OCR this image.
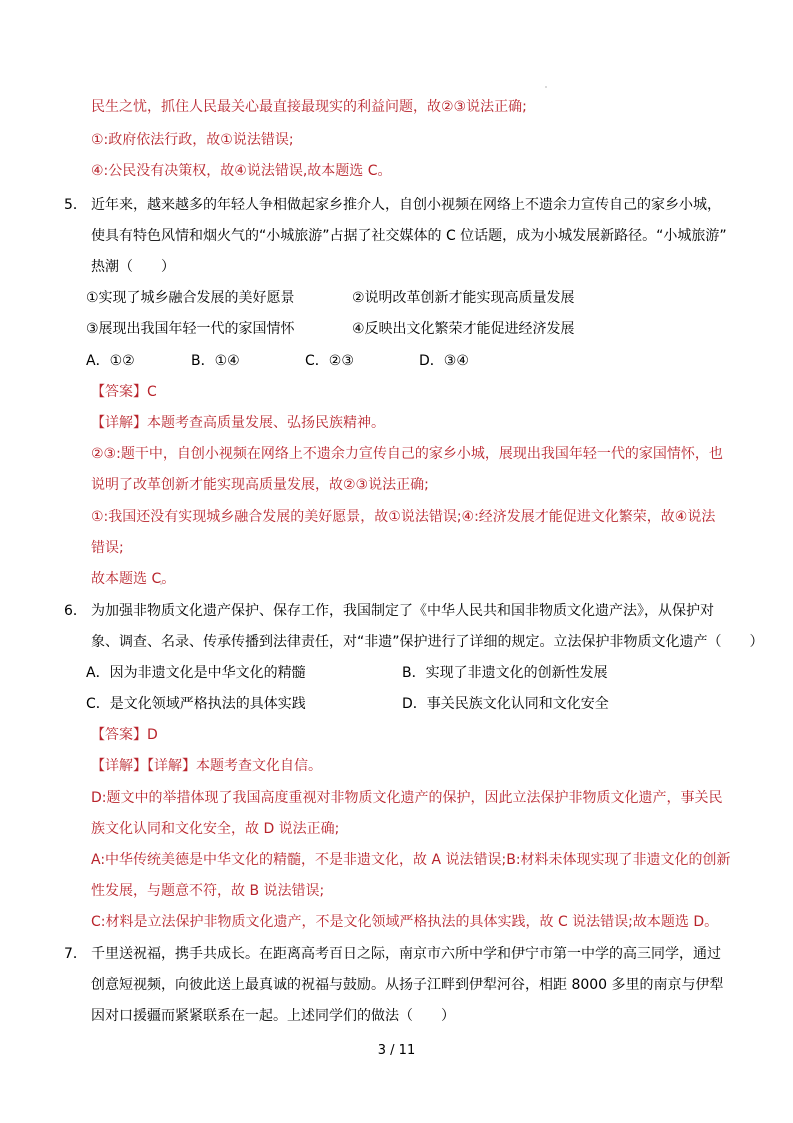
民生之忧，抓住人民最关心最直接最现实的利益问题，故②③说法正确;
①:政府依法行政，故①说法错误;
④:公民没有决策权，故④说法错误,故本题选 C。
5． 近年来，越来越多的年轻人争相做起家乡推介人，自创小视频在网络上不遗余力宣传自己的家乡小城，
使具有特色风情和烟火气的“小城旅游”占据了社交媒体的 C 位话题，成为小城发展新路径。“小城旅游”
热潮（　　）
①实现了城乡融合发展的美好愿景	②说明改革创新才能实现高质量发展
③展现出我国年轻一代的家国情怀	④反映出文化繁荣才能促进经济发展
A．①②	B．①④	C．②③	D．③④
【答案】C
【详解】本题考查高质量发展、弘扬民族精神。
②③:题干中，自创小视频在网络上不遗余力宣传自己的家乡小城，展现出我国年轻一代的家国情怀，也
说明了改革创新才能实现高质量发展，故②③说法正确;
①:我国还没有实现城乡融合发展的美好愿景，故①说法错误;④:经济发展才能促进文化繁荣，故④说法
错误;
故本题选 C。
6． 为加强非物质文化遗产保护、保存工作，我国制定了《中华人民共和国非物质文化遗产法》，从保护对
象、调查、名录、传承传播到法律责任，对“非遗”保护进行了详细的规定。立法保护非物质文化遗产（　　）
A．因为非遗文化是中华文化的精髓	B．实现了非遗文化的创新性发展
C．是文化领域严格执法的具体实践	D．事关民族文化认同和文化安全
【答案】D
【详解】【详解】本题考查文化自信。
D:题文中的举措体现了我国高度重视对非物质文化遗产的保护，因此立法保护非物质文化遗产，事关民
族文化认同和文化安全，故 D 说法正确;
A:中华传统美德是中华文化的精髓，不是非遗文化，故 A 说法错误;B:材料未体现实现了非遗文化的创新
性发展，与题意不符，故 B 说法错误;
C:材料是立法保护非物质文化遗产，不是文化领域严格执法的具体实践，故 C 说法错误;故本题选 D。
7． 千里送祝福，携手共成长。在距离高考百日之际，南京市六所中学和伊宁市第一中学的高三同学，通过
创意短视频，向彼此送上最真诚的祝福与鼓励。从扬子江畔到伊犁河谷，相距 8000 多里的南京与伊犁
因对口援疆而紧紧联系在一起。上述同学们的做法（　　）
3 / 11
